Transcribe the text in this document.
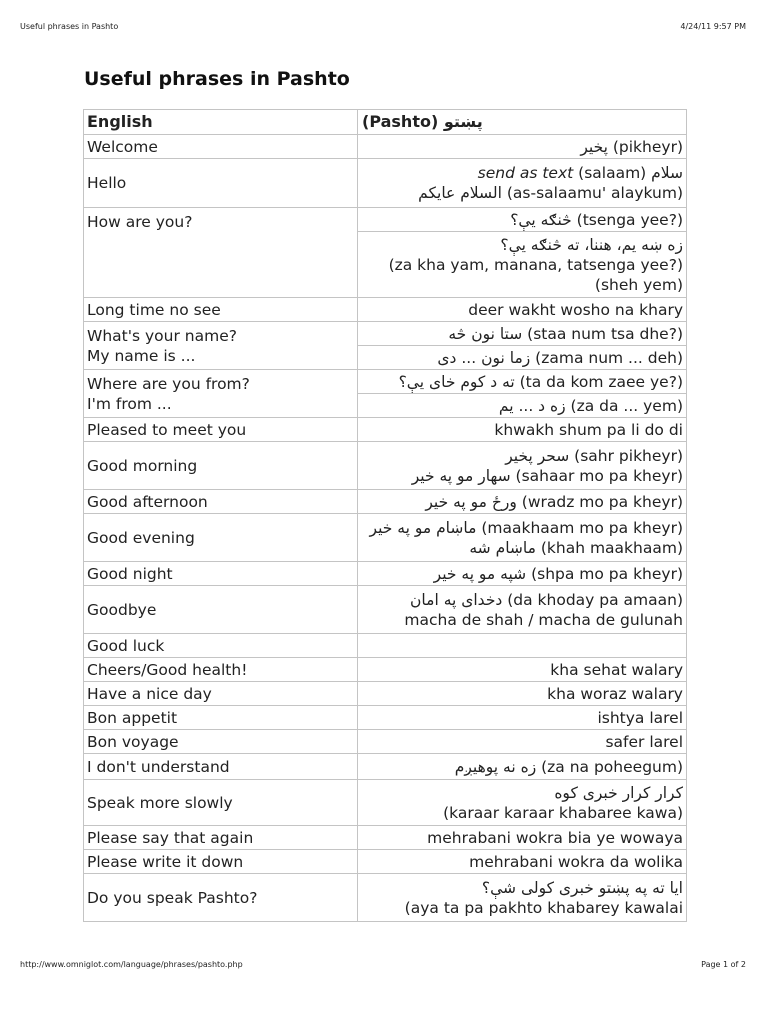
Useful phrases in Pashto	4/24/11 9:57 PM
Useful phrases in Pashto
English	(Pashto) پښتو

Welcome	پخير (pikheyr)

Hello	send as text (salaam) سلام
السلام عايکم (as-salaamu' alaykum)

How are you?	څنګه يې؟ (tsenga yee?)

	زه ښه يم، هننا، ته څنګه يې؟
(za kha yam, manana, tatsenga yee?)
(sheh yem)

Long time no see	deer wakht wosho na khary

What's your name?
My name is ...	ستا نون څه (staa num tsa dhe?)

	زما نون ... دی (zama num ... deh)

Where are you from?
I'm from ...	ته د کوم خای يې؟ (ta da kom zaee ye?)

	زه د ... يم (za da ... yem)

Pleased to meet you	khwakh shum pa li do di

Good morning	سحر پخير (sahr pikheyr)
سهار مو په خير (sahaar mo pa kheyr)

Good afternoon	ورځ مو په خير (wradz mo pa kheyr)

Good evening	ماښام مو په خير (maakhaam mo pa kheyr)
ماښام شه (khah maakhaam)

Good night	شپه مو په خير (shpa mo pa kheyr)

Goodbye	دخدای په امان (da khoday pa amaan)
macha de shah / macha de gulunah

Good luck	

Cheers/Good health!	kha sehat walary

Have a nice day	kha woraz walary

Bon appetit	ishtya larel

Bon voyage	safer larel

I don't understand	زه نه پوهيږم (za na poheegum)

Speak more slowly	کرار کرار خبری کوه
(karaar karaar khabaree kawa)

Please say that again	mehrabani wokra bia ye wowaya

Please write it down	mehrabani wokra da wolika

Do you speak Pashto?	ايا ته په پښتو خبری کولی شې؟
(aya ta pa pakhto khabarey kawalai
http://www.omniglot.com/language/phrases/pashto.php	Page 1 of 2
